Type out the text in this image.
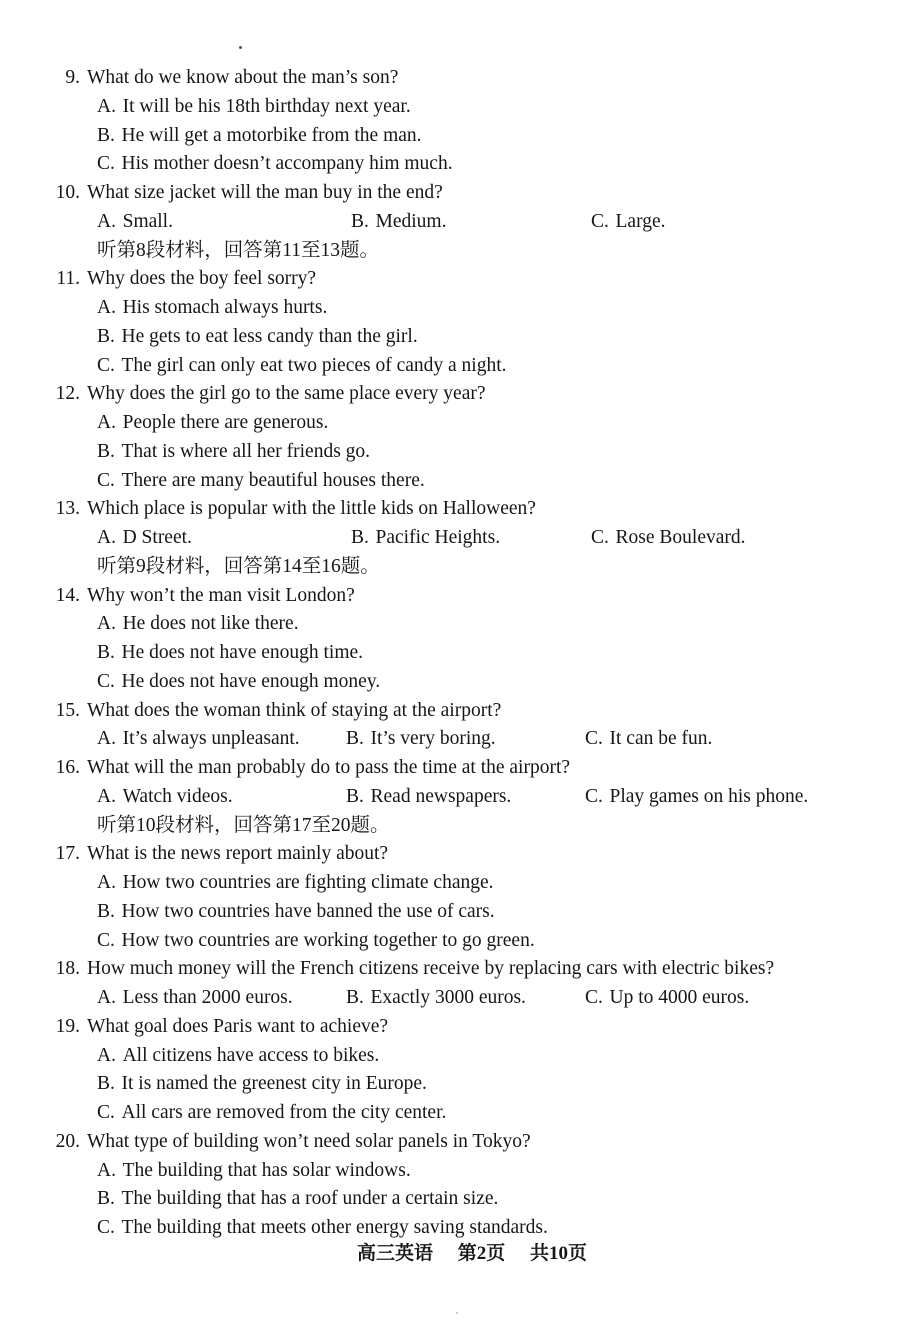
9. What do we know about the man’s son?
A. It will be his 18th birthday next year.
B. He will get a motorbike from the man.
C. His mother doesn’t accompany him much.
10. What size jacket will the man buy in the end?
A. Small.	B. Medium.	C. Large.
听第8段材料，回答第11至13题。
11. Why does the boy feel sorry?
A. His stomach always hurts.
B. He gets to eat less candy than the girl.
C. The girl can only eat two pieces of candy a night.
12. Why does the girl go to the same place every year?
A. People there are generous.
B. That is where all her friends go.
C. There are many beautiful houses there.
13. Which place is popular with the little kids on Halloween?
A. D Street.	B. Pacific Heights.	C. Rose Boulevard.
听第9段材料，回答第14至16题。
14. Why won’t the man visit London?
A. He does not like there.
B. He does not have enough time.
C. He does not have enough money.
15. What does the woman think of staying at the airport?
A. It’s always unpleasant. B. It’s very boring.	C. It can be fun.
16. What will the man probably do to pass the time at the airport?
A. Watch videos.	B. Read newspapers.	C. Play games on his phone.
听第10段材料，回答第17至20题。
17. What is the news report mainly about?
A. How two countries are fighting climate change.
B. How two countries have banned the use of cars.
C. How two countries are working together to go green.
18. How much money will the French citizens receive by replacing cars with electric bikes?
A. Less than 2000 euros.	B. Exactly 3000 euros.	C. Up to 4000 euros.
19. What goal does Paris want to achieve?
A. All citizens have access to bikes.
B. It is named the greenest city in Europe.
C. All cars are removed from the city center.
20. What type of building won’t need solar panels in Tokyo?
A. The building that has solar windows.
B. The building that has a roof under a certain size.
C. The building that meets other energy saving standards.
高三英语 第2页 共10页
